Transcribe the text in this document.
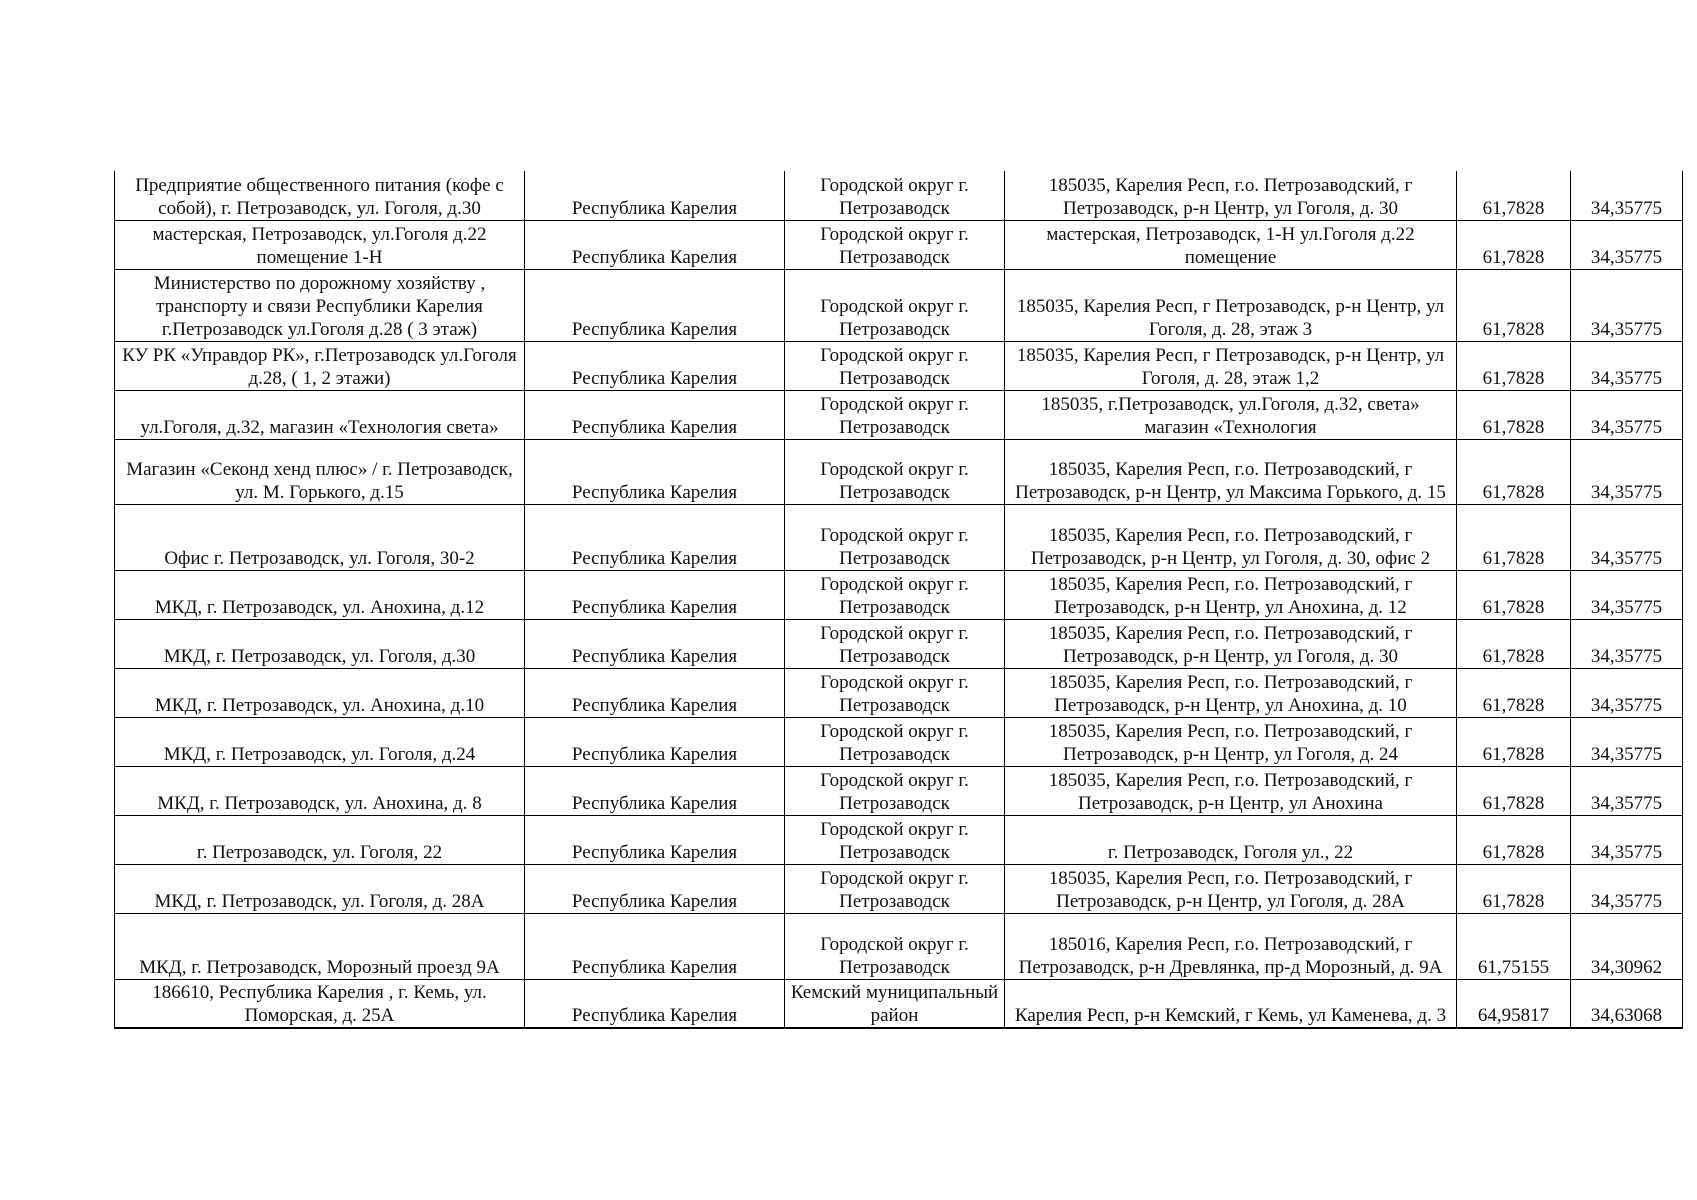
Предприятие общественного питания (кофе с собой), г. Петрозаводск, ул. Гоголя, д.30	Республика Карелия	Городской округ г. Петрозаводск	185035, Карелия Респ, г.о. Петрозаводский, г Петрозаводск, р-н Центр, ул Гоголя, д. 30	61,7828	34,35775
мастерская, Петрозаводск, ул.Гоголя д.22 помещение 1-Н	Республика Карелия	Городской округ г. Петрозаводск	мастерская, Петрозаводск, 1-Н ул.Гоголя д.22 помещение	61,7828	34,35775
Министерство по дорожному хозяйству , транспорту и связи Республики Карелия г.Петрозаводск ул.Гоголя д.28 ( 3 этаж)	Республика Карелия	Городской округ г. Петрозаводск	185035, Карелия Респ, г Петрозаводск, р-н Центр, ул Гоголя, д. 28, этаж 3	61,7828	34,35775
КУ РК «Управдор РК», г.Петрозаводск ул.Гоголя д.28, ( 1, 2 этажи)	Республика Карелия	Городской округ г. Петрозаводск	185035, Карелия Респ, г Петрозаводск, р-н Центр, ул Гоголя, д. 28, этаж 1,2	61,7828	34,35775
ул.Гоголя, д.32, магазин «Технология света»	Республика Карелия	Городской округ г. Петрозаводск	185035, г.Петрозаводск, ул.Гоголя, д.32, света» магазин «Технология	61,7828	34,35775
Магазин «Секонд хенд плюс» / г. Петрозаводск, ул. М. Горького, д.15	Республика Карелия	Городской округ г. Петрозаводск	185035, Карелия Респ, г.о. Петрозаводский, г Петрозаводск, р-н Центр, ул Максима Горького, д. 15	61,7828	34,35775
Офис г. Петрозаводск, ул. Гоголя, 30-2	Республика Карелия	Городской округ г. Петрозаводск	185035, Карелия Респ, г.о. Петрозаводский, г Петрозаводск, р-н Центр, ул Гоголя, д. 30, офис 2	61,7828	34,35775
МКД, г. Петрозаводск, ул. Анохина, д.12	Республика Карелия	Городской округ г. Петрозаводск	185035, Карелия Респ, г.о. Петрозаводский, г Петрозаводск, р-н Центр, ул Анохина, д. 12	61,7828	34,35775
МКД, г. Петрозаводск, ул. Гоголя, д.30	Республика Карелия	Городской округ г. Петрозаводск	185035, Карелия Респ, г.о. Петрозаводский, г Петрозаводск, р-н Центр, ул Гоголя, д. 30	61,7828	34,35775
МКД, г. Петрозаводск, ул. Анохина, д.10	Республика Карелия	Городской округ г. Петрозаводск	185035, Карелия Респ, г.о. Петрозаводский, г Петрозаводск, р-н Центр, ул Анохина, д. 10	61,7828	34,35775
МКД, г. Петрозаводск, ул. Гоголя, д.24	Республика Карелия	Городской округ г. Петрозаводск	185035, Карелия Респ, г.о. Петрозаводский, г Петрозаводск, р-н Центр, ул Гоголя, д. 24	61,7828	34,35775
МКД, г. Петрозаводск, ул. Анохина, д. 8	Республика Карелия	Городской округ г. Петрозаводск	185035, Карелия Респ, г.о. Петрозаводский, г Петрозаводск, р-н Центр, ул Анохина	61,7828	34,35775
г. Петрозаводск, ул. Гоголя, 22	Республика Карелия	Городской округ г. Петрозаводск	г. Петрозаводск, Гоголя ул., 22	61,7828	34,35775
МКД, г. Петрозаводск, ул. Гоголя, д. 28А	Республика Карелия	Городской округ г. Петрозаводск	185035, Карелия Респ, г.о. Петрозаводский, г Петрозаводск, р-н Центр, ул Гоголя, д. 28А	61,7828	34,35775
МКД, г. Петрозаводск, Морозный проезд 9А	Республика Карелия	Городской округ г. Петрозаводск	185016, Карелия Респ, г.о. Петрозаводский, г Петрозаводск, р-н Древлянка, пр-д Морозный, д. 9А	61,75155	34,30962
186610, Республика Карелия , г. Кемь, ул. Поморская, д. 25А	Республика Карелия	Кемский муниципальный район	Карелия Респ, р-н Кемский, г Кемь, ул Каменева, д. 3	64,95817	34,63068
